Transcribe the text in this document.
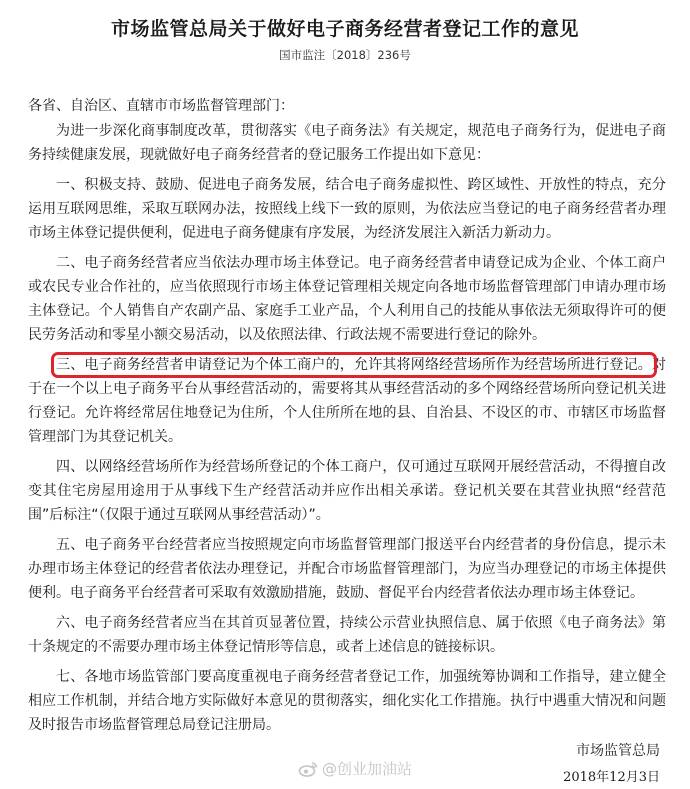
市场监管总局关于做好电子商务经营者登记工作的意见
国市监注〔2018〕236号

各省、自治区、直辖市市场监督管理部门：

为进一步深化商事制度改革，贯彻落实《电子商务法》有关规定，规范电子商务行为，促进电子商务持续健康发展，现就做好电子商务经营者的登记服务工作提出如下意见：

一、积极支持、鼓励、促进电子商务发展，结合电子商务虚拟性、跨区域性、开放性的特点，充分运用互联网思维，采取互联网办法，按照线上线下一致的原则，为依法应当登记的电子商务经营者办理市场主体登记提供便利，促进电子商务健康有序发展，为经济发展注入新活力新动力。

二、电子商务经营者应当依法办理市场主体登记。电子商务经营者申请登记成为企业、个体工商户或农民专业合作社的，应当依照现行市场主体登记管理相关规定向各地市场监督管理部门申请办理市场主体登记。个人销售自产农副产品、家庭手工业产品，个人利用自己的技能从事依法无须取得许可的便民劳务活动和零星小额交易活动，以及依照法律、行政法规不需要进行登记的除外。

三、电子商务经营者申请登记为个体工商户的，允许其将网络经营场所作为经营场所进行登记。对于在一个以上电子商务平台从事经营活动的，需要将其从事经营活动的多个网络经营场所向登记机关进行登记。允许将经常居住地登记为住所，个人住所所在地的县、自治县、不设区的市、市辖区市场监督管理部门为其登记机关。

四、以网络经营场所作为经营场所登记的个体工商户，仅可通过互联网开展经营活动，不得擅自改变其住宅房屋用途用于从事线下生产经营活动并应作出相关承诺。登记机关要在其营业执照“经营范围”后标注“（仅限于通过互联网从事经营活动）”。

五、电子商务平台经营者应当按照规定向市场监督管理部门报送平台内经营者的身份信息，提示未办理市场主体登记的经营者依法办理登记，并配合市场监督管理部门，为应当办理登记的市场主体提供便利。电子商务平台经营者可采取有效激励措施，鼓励、督促平台内经营者依法办理市场主体登记。

六、电子商务经营者应当在其首页显著位置，持续公示营业执照信息、属于依照《电子商务法》第十条规定的不需要办理市场主体登记情形等信息，或者上述信息的链接标识。

七、各地市场监管部门要高度重视电子商务经营者登记工作，加强统筹协调和工作指导，建立健全相应工作机制，并结合地方实际做好本意见的贯彻落实，细化实化工作措施。执行中遇重大情况和问题及时报告市场监督管理总局登记注册局。

市场监管总局
@创业加油站	2018年12月3日
